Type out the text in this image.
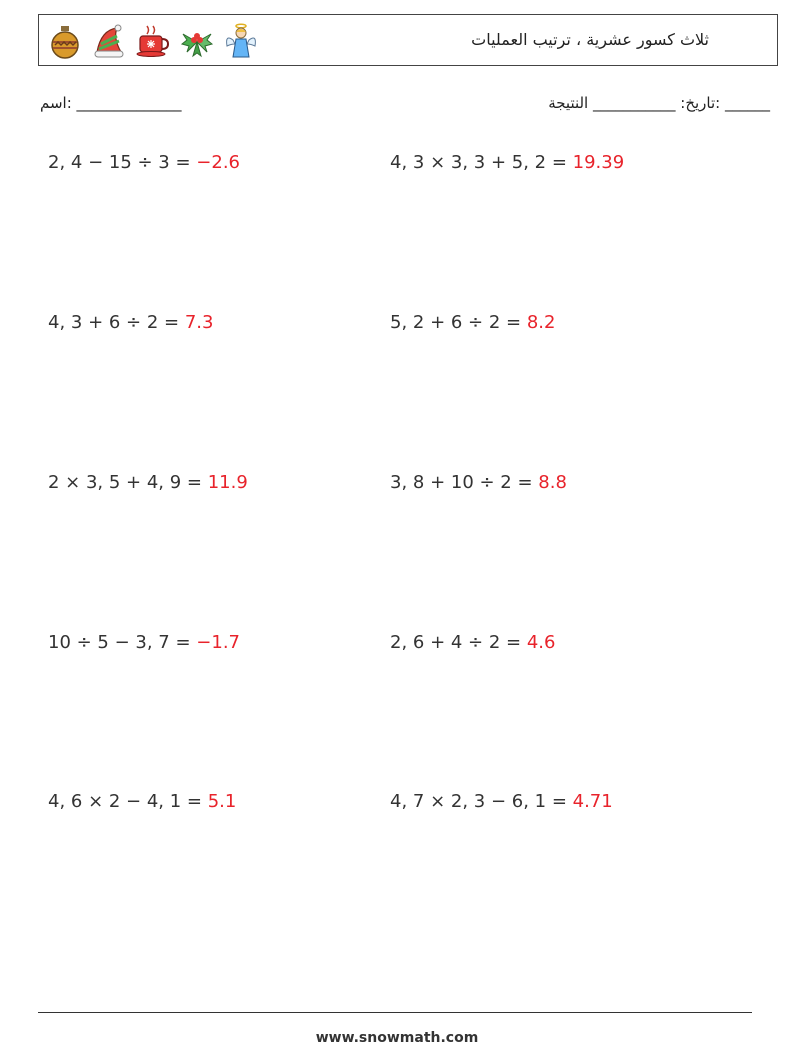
ثلاث كسور عشرية ، ترتيب العمليات
______ :تاريخ: ___________ النتيجة
اسم: ______________
2, 4 − 15 ÷ 3 = −2.6	4, 3 × 3, 3 + 5, 2 = 19.39
4, 3 + 6 ÷ 2 = 7.3	5, 2 + 6 ÷ 2 = 8.2
2 × 3, 5 + 4, 9 = 11.9	3, 8 + 10 ÷ 2 = 8.8
10 ÷ 5 − 3, 7 = −1.7	2, 6 + 4 ÷ 2 = 4.6
4, 6 × 2 − 4, 1 = 5.1	4, 7 × 2, 3 − 6, 1 = 4.71
www.snowmath.com
